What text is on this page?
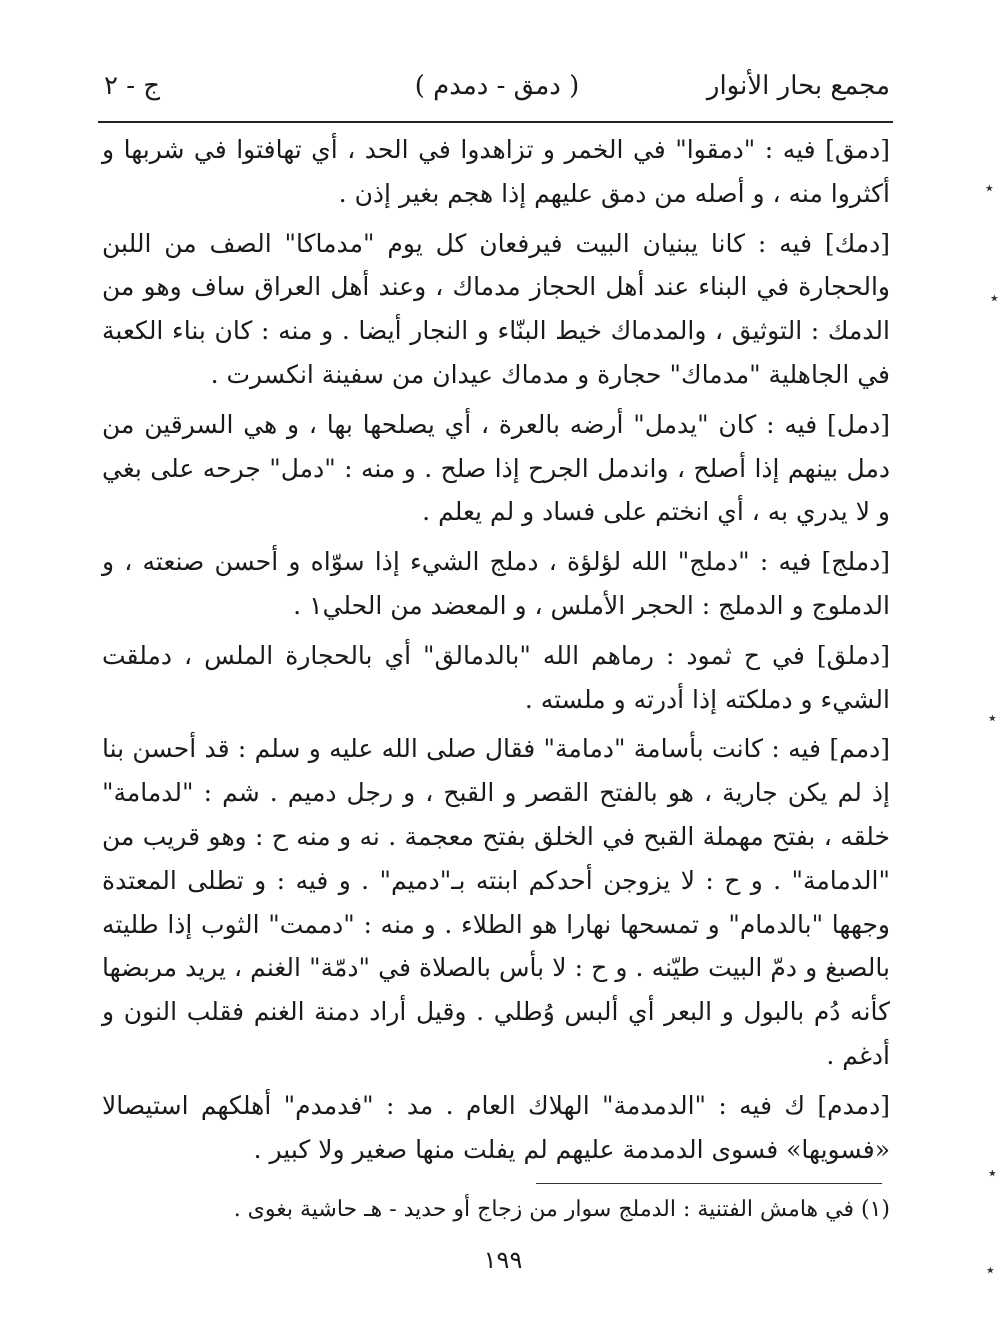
مجمع بحار الأنوار
( دمق - دمدم )
ج - ٢

[دمق] فيه : "دمقوا" في الخمر و تزاهدوا في الحد ، أي تهافتوا في شربها و أكثروا منه ، و أصله من دمق عليهم إذا هجم بغير إذن .

[دمك] فيه : كانا يبنيان البيت فيرفعان كل يوم "مدماكا" الصف من اللبن والحجارة في البناء عند أهل الحجاز مدماك ، وعند أهل العراق ساف وهو من الدمك : التوثيق ، والمدماك خيط البنّاء و النجار أيضا . و منه : كان بناء الكعبة في الجاهلية "مدماك" حجارة و مدماك عيدان من سفينة انكسرت .

[دمل] فيه : كان "يدمل" أرضه بالعرة ، أي يصلحها بها ، و هي السرقين من دمل بينهم إذا أصلح ، واندمل الجرح إذا صلح . و منه : "دمل" جرحه على بغي و لا يدري به ، أي انختم على فساد و لم يعلم .

[دملج] فيه : "دملج" الله لؤلؤة ، دملج الشيء إذا سوّاه و أحسن صنعته ، و الدملوج و الدملج : الحجر الأملس ، و المعضد من الحلي١ .

[دملق] في ح ثمود : رماهم الله "بالدمالق" أي بالحجارة الملس ، دملقت الشيء و دملكته إذا أدرته و ملسته .

[دمم] فيه : كانت بأسامة "دمامة" فقال صلى الله عليه و سلم : قد أحسن بنا إذ لم يكن جارية ، هو بالفتح القصر و القبح ، و رجل دميم . شم : "لدمامة" خلقه ، بفتح مهملة القبح في الخلق بفتح معجمة . نه و منه ح : وهو قريب من "الدمامة" . و ح : لا يزوجن أحدكم ابنته بـ"دميم" . و فيه : و تطلى المعتدة وجهها "بالدمام" و تمسحها نهارا هو الطلاء . و منه : "دممت" الثوب إذا طليته بالصبغ و دمّ البيت طيّنه . و ح : لا بأس بالصلاة في "دمّة" الغنم ، يريد مربضها كأنه دُم بالبول و البعر أي ألبس وُطلي . وقيل أراد دمنة الغنم فقلب النون و أدغم .

[دمدم] ك فيه : "الدمدمة" الهلاك العام . مد : "فدمدم" أهلكهم استيصالا «فسويها» فسوى الدمدمة عليهم لم يفلت منها صغير ولا كبير .

(١) في هامش الفتنية : الدملج سوار من زجاج أو حديد - هـ حاشية بغوى .
١٩٩
٭
٭
٭
٭
٭
